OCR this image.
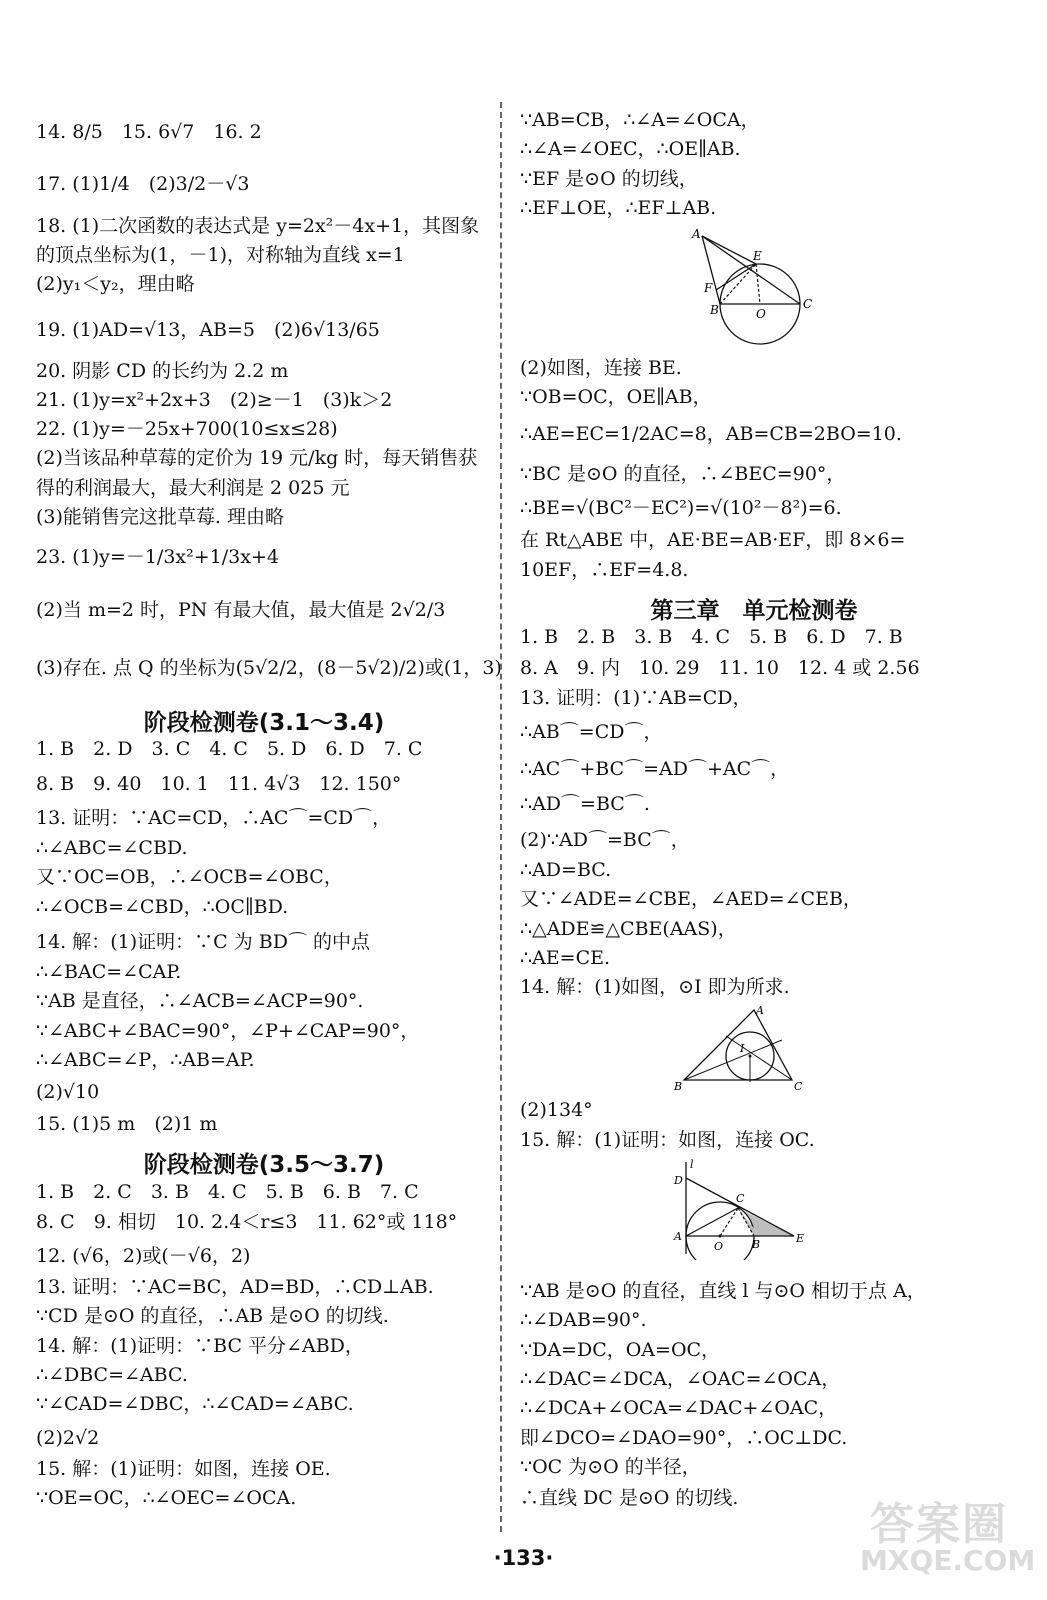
14. 8/5　15. 6√7　16. 2
17. (1)1/4　(2)3/2－√3
18. (1)二次函数的表达式是 y=2x²－4x+1，其图象
的顶点坐标为(1，－1)，对称轴为直线 x=1
(2)y₁＜y₂，理由略
19. (1)AD=√13，AB=5　(2)6√13/65
20. 阴影 CD 的长约为 2.2 m
21. (1)y=x²+2x+3　(2)≥－1　(3)k＞2
22. (1)y=－25x+700(10≤x≤28)
(2)当该品种草莓的定价为 19 元/kg 时，每天销售获
得的利润最大，最大利润是 2 025 元
(3)能销售完这批草莓. 理由略
23. (1)y=－1/3x²+1/3x+4
(2)当 m=2 时，PN 有最大值，最大值是 2√2/3
(3)存在. 点 Q 的坐标为(5√2/2，(8－5√2)/2)或(1，3)
阶段检测卷(3.1～3.4)
1. B　2. D　3. C　4. C　5. D　6. D　7. C
8. B　9. 40　10. 1　11. 4√3　12. 150°
13. 证明：∵AC=CD，∴AC⌒=CD⌒，
∴∠ABC=∠CBD.
又∵OC=OB，∴∠OCB=∠OBC，
∴∠OCB=∠CBD，∴OC∥BD.
14. 解：(1)证明：∵C 为 BD⌒ 的中点
∴∠BAC=∠CAP.
∵AB 是直径，∴∠ACB=∠ACP=90°.
∵∠ABC+∠BAC=90°，∠P+∠CAP=90°，
∴∠ABC=∠P，∴AB=AP.
(2)√10
15. (1)5 m　(2)1 m
阶段检测卷(3.5～3.7)
1. B　2. C　3. B　4. C　5. B　6. B　7. C
8. C　9. 相切　10. 2.4＜r≤3　11. 62°或 118°
12. (√6，2)或(－√6，2)
13. 证明：∵AC=BC，AD=BD，∴CD⊥AB.
∵CD 是⊙O 的直径，∴AB 是⊙O 的切线.
14. 解：(1)证明：∵BC 平分∠ABD，
∴∠DBC=∠ABC.
∵∠CAD=∠DBC，∴∠CAD=∠ABC.
(2)2√2
15. 解：(1)证明：如图，连接 OE.
∵OE=OC，∴∠OEC=∠OCA.
∵AB=CB，∴∠A=∠OCA，
∴∠A=∠OEC，∴OE∥AB.
∵EF 是⊙O 的切线，
∴EF⊥OE，∴EF⊥AB.
A
E
F
B	O
C
(2)如图，连接 BE.
∵OB=OC，OE∥AB，
∴AE=EC=1/2AC=8，AB=CB=2BO=10.
∵BC 是⊙O 的直径，∴∠BEC=90°，
∴BE=√(BC²－EC²)=√(10²－8²)=6.
在 Rt△ABE 中，AE·BE=AB·EF，即 8×6=
10EF，∴EF=4.8.
第三章　单元检测卷
1. B　2. B　3. B　4. C　5. B　6. D　7. B
8. A　9. 内　10. 29　11. 10　12. 4 或 2.56
13. 证明：(1)∵AB=CD，
∴AB⌒=CD⌒，
∴AC⌒+BC⌒=AD⌒+AC⌒，
∴AD⌒=BC⌒.
(2)∵AD⌒=BC⌒，
∴AD=BC.
又∵∠ADE=∠CBE，∠AED=∠CEB，
∴△ADE≌△CBE(AAS)，
∴AE=CE.
14. 解：(1)如图，⊙I 即为所求.
A
I
B	C
(2)134°
15. 解：(1)证明：如图，连接 OC.
l
D
C
A
O	B	E
∵AB 是⊙O 的直径，直线 l 与⊙O 相切于点 A，
∴∠DAB=90°.
∵DA=DC，OA=OC，
∴∠DAC=∠DCA，∠OAC=∠OCA，
∴∠DCA+∠OCA=∠DAC+∠OAC，
即∠DCO=∠DAO=90°，∴OC⊥DC.
∵OC 为⊙O 的半径，
∴直线 DC 是⊙O 的切线.
·133·
答案圈
MXQE.COM
